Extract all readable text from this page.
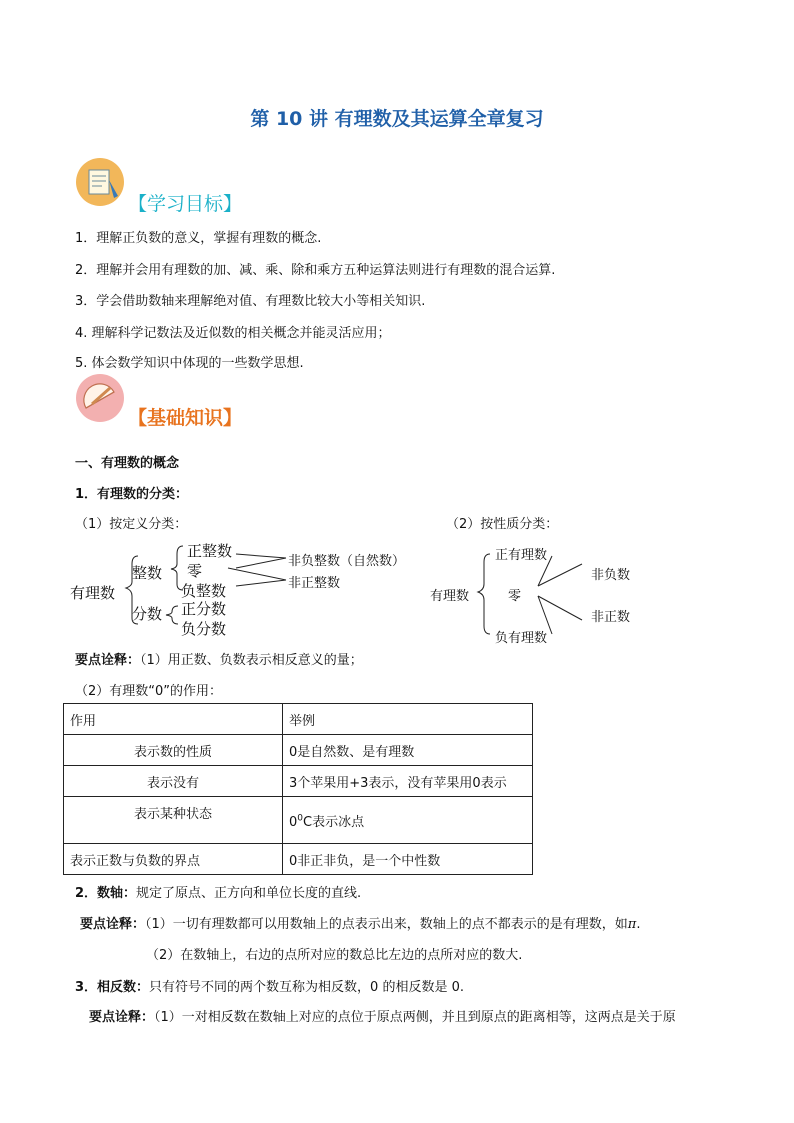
第 10 讲 有理数及其运算全章复习
【学习目标】
1．理解正负数的意义，掌握有理数的概念.
2．理解并会用有理数的加、减、乘、除和乘方五种运算法则进行有理数的混合运算.
3．学会借助数轴来理解绝对值、有理数比较大小等相关知识.
4. 理解科学记数法及近似数的相关概念并能灵活应用；
5. 体会数学知识中体现的一些数学思想.
【基础知识】
一、有理数的概念
1．有理数的分类：
（1）按定义分类：	（2）按性质分类：
有理数
整数
分数
正整数
零
负整数
正分数
负分数
非负整数（自然数）
非正整数
有理数
正有理数
零
负有理数
非负数
非正数
要点诠释：（1）用正数、负数表示相反意义的量；
（2）有理数“0”的作用：
作用	举例
表示数的性质	0是自然数、是有理数
表示没有	3个苹果用+3表示，没有苹果用0表示
表示某种状态	$0^0C$表示冰点
表示正数与负数的界点	0非正非负，是一个中性数
2．数轴：规定了原点、正方向和单位长度的直线.
要点诠释：（1）一切有理数都可以用数轴上的点表示出来，数轴上的点不都表示的是有理数，如π.
（2）在数轴上，右边的点所对应的数总比左边的点所对应的数大.
3．相反数：只有符号不同的两个数互称为相反数，0 的相反数是 0.
要点诠释：（1）一对相反数在数轴上对应的点位于原点两侧，并且到原点的距离相等，这两点是关于原
